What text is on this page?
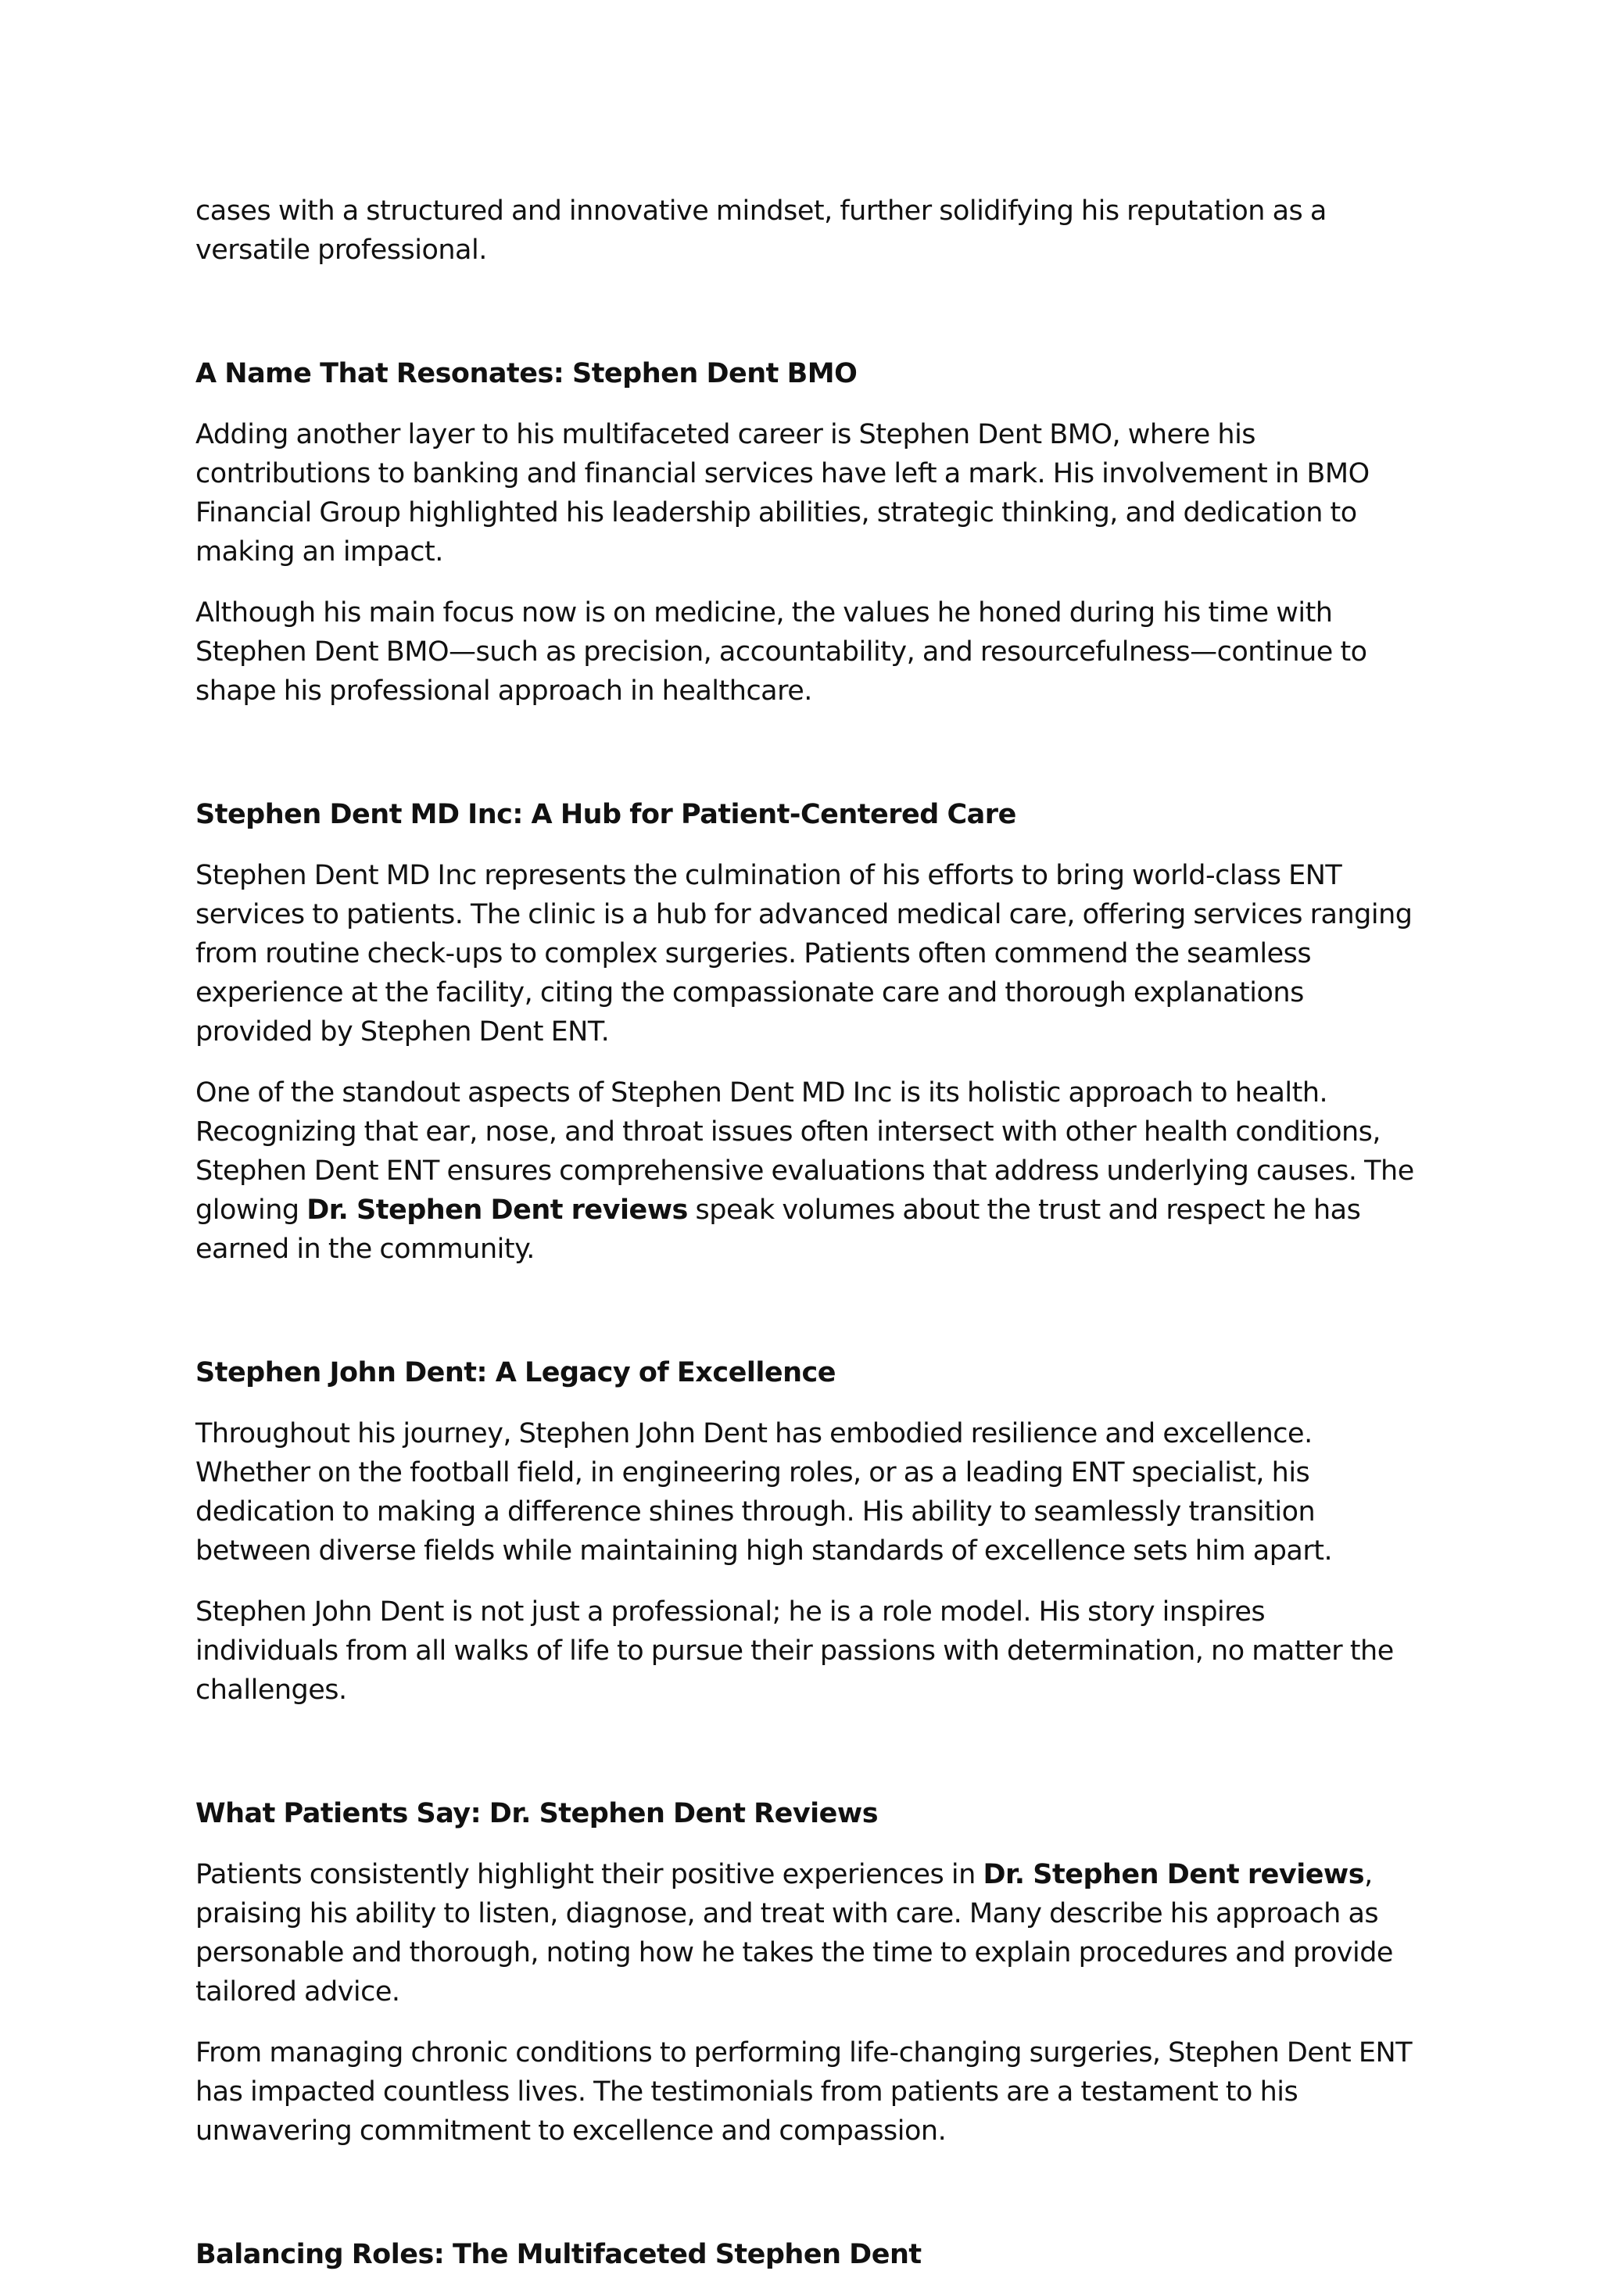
cases with a structured and innovative mindset, further solidifying his reputation as a versatile professional.

A Name That Resonates: Stephen Dent BMO

Adding another layer to his multifaceted career is Stephen Dent BMO, where his contributions to banking and financial services have left a mark. His involvement in BMO Financial Group highlighted his leadership abilities, strategic thinking, and dedication to making an impact.

Although his main focus now is on medicine, the values he honed during his time with Stephen Dent BMO—such as precision, accountability, and resourcefulness—continue to shape his professional approach in healthcare.

Stephen Dent MD Inc: A Hub for Patient-Centered Care

Stephen Dent MD Inc represents the culmination of his efforts to bring world-class ENT services to patients. The clinic is a hub for advanced medical care, offering services ranging from routine check-ups to complex surgeries. Patients often commend the seamless experience at the facility, citing the compassionate care and thorough explanations provided by Stephen Dent ENT.

One of the standout aspects of Stephen Dent MD Inc is its holistic approach to health. Recognizing that ear, nose, and throat issues often intersect with other health conditions, Stephen Dent ENT ensures comprehensive evaluations that address underlying causes. The glowing Dr. Stephen Dent reviews speak volumes about the trust and respect he has earned in the community.

Stephen John Dent: A Legacy of Excellence

Throughout his journey, Stephen John Dent has embodied resilience and excellence. Whether on the football field, in engineering roles, or as a leading ENT specialist, his dedication to making a difference shines through. His ability to seamlessly transition between diverse fields while maintaining high standards of excellence sets him apart.

Stephen John Dent is not just a professional; he is a role model. His story inspires individuals from all walks of life to pursue their passions with determination, no matter the challenges.

What Patients Say: Dr. Stephen Dent Reviews

Patients consistently highlight their positive experiences in Dr. Stephen Dent reviews, praising his ability to listen, diagnose, and treat with care. Many describe his approach as personable and thorough, noting how he takes the time to explain procedures and provide tailored advice.

From managing chronic conditions to performing life-changing surgeries, Stephen Dent ENT has impacted countless lives. The testimonials from patients are a testament to his unwavering commitment to excellence and compassion.

Balancing Roles: The Multifaceted Stephen Dent
